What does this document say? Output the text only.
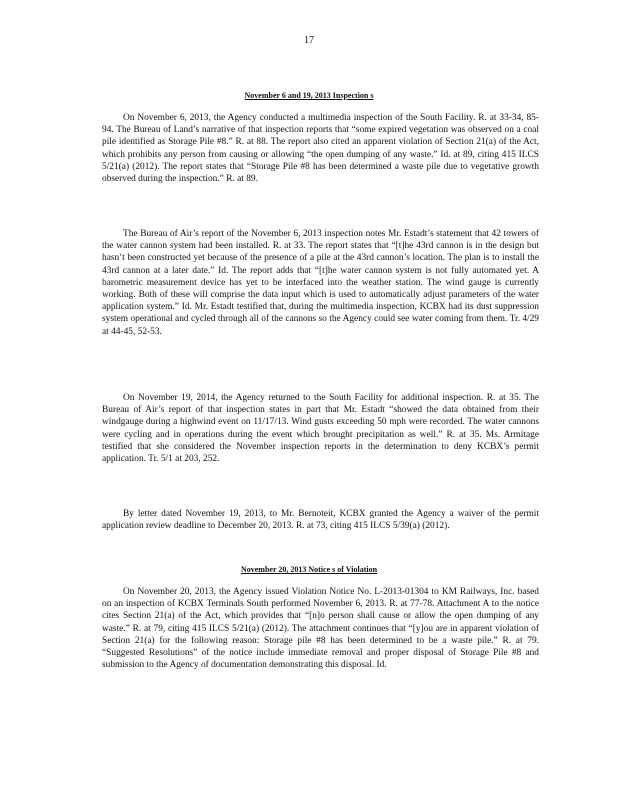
17
November 6 and 19, 2013 Inspection s

On November 6, 2013, the Agency conducted a multimedia inspection of the South Facility. R. at 33-34, 85-94. The Bureau of Land’s narrative of that inspection reports that “some expired vegetation was observed on a coal pile identified as Storage Pile #8.” R. at 88. The report also cited an apparent violation of Section 21(a) of the Act, which prohibits any person from causing or allowing “the open dumping of any waste.” Id. at 89, citing 415 ILCS 5/21(a) (2012). The report states that “Storage Pile #8 has been determined a waste pile due to vegetative growth observed during the inspection.” R. at 89.

The Bureau of Air’s report of the November 6, 2013 inspection notes Mr. Estadt’s statement that 42 towers of the water cannon system had been installed. R. at 33. The report states that “[t]he 43rd cannon is in the design but hasn’t been constructed yet because of the presence of a pile at the 43rd cannon’s location. The plan is to install the 43rd cannon at a later date.” Id. The report adds that “[t]he water cannon system is not fully automated yet. A barometric measurement device has yet to be interfaced into the weather station. The wind gauge is currently working. Both of these will comprise the data input which is used to automatically adjust parameters of the water application system.” Id. Mr. Estadt testified that, during the multimedia inspection, KCBX had its dust suppression system operational and cycled through all of the cannons so the Agency could see water coming from them. Tr. 4/29 at 44-45, 52-53.

On November 19, 2014, the Agency returned to the South Facility for additional inspection. R. at 35. The Bureau of Air’s report of that inspection states in part that Mr. Estadt “showed the data obtained from their windgauge during a highwind event on 11/17/13. Wind gusts exceeding 50 mph were recorded. The water cannons were cycling and in operations during the event which brought precipitation as well.” R. at 35. Ms. Armitage testified that she considered the November inspection reports in the determination to deny KCBX’s permit application. Tr. 5/1 at 203, 252.

By letter dated November 19, 2013, to Mr. Bernoteit, KCBX granted the Agency a waiver of the permit application review deadline to December 20, 2013. R. at 73, citing 415 ILCS 5/39(a) (2012).

November 20, 2013 Notice s of Violation

On November 20, 2013, the Agency issued Violation Notice No. L-2013-01304 to KM Railways, Inc. based on an inspection of KCBX Terminals South performed November 6, 2013. R. at 77-78. Attachment A to the notice cites Section 21(a) of the Act, which provides that “[n]o person shall cause or allow the open dumping of any waste.” R. at 79, citing 415 ILCS 5/21(a) (2012). The attachment continues that “[y]ou are in apparent violation of Section 21(a) for the following reason: Storage pile #8 has been determined to be a waste pile.” R. at 79. “Suggested Resolutions” of the notice include immediate removal and proper disposal of Storage Pile #8 and submission to the Agency of documentation demonstrating this disposal. Id.
